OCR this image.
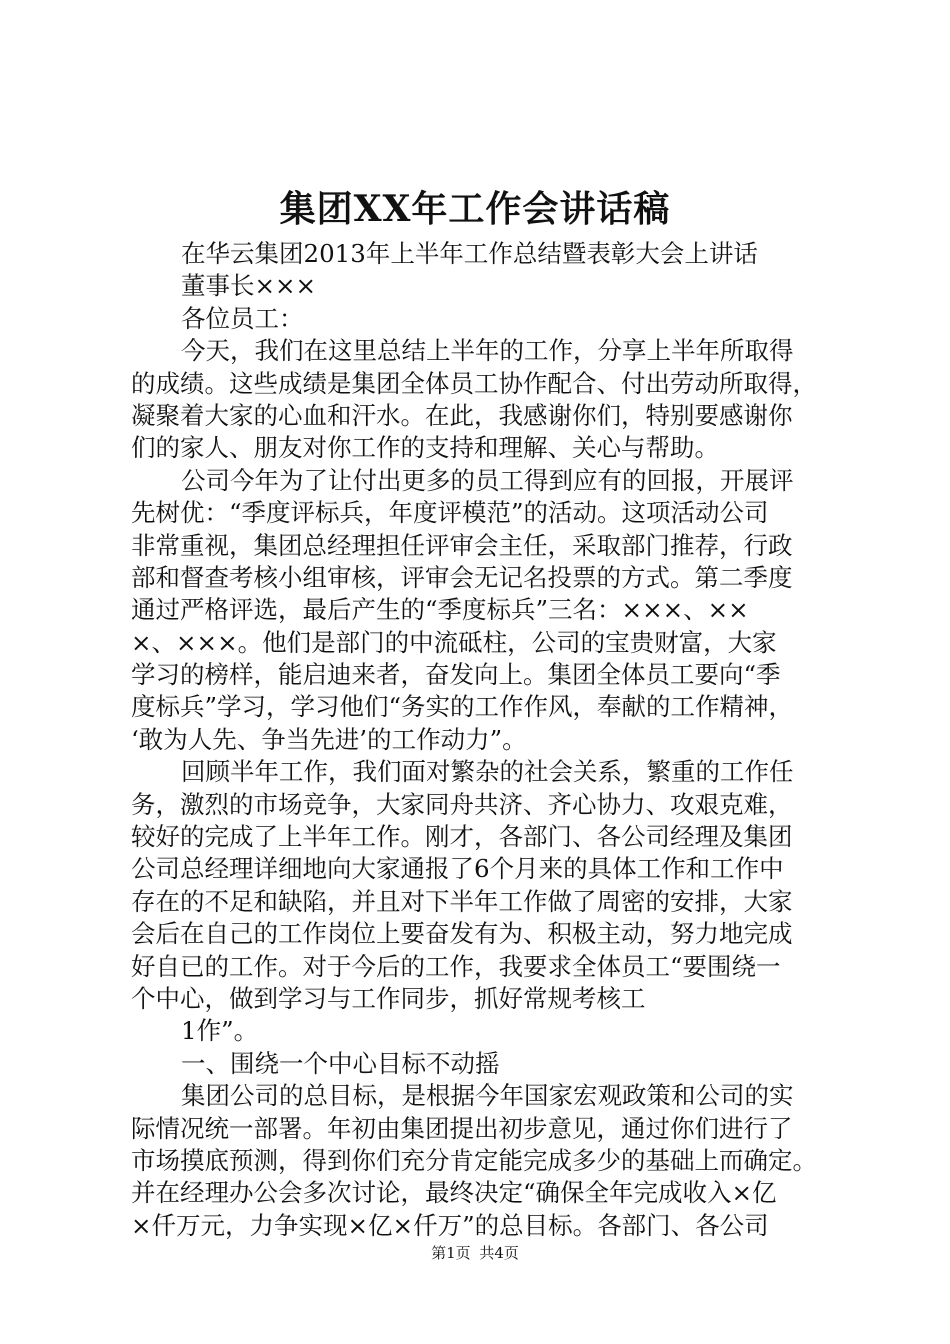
集团XX年工作会讲话稿
在华云集团2013年上半年工作总结暨表彰大会上讲话
董事长×××
各位员工：
今天，我们在这里总结上半年的工作，分享上半年所取得
的成绩。这些成绩是集团全体员工协作配合、付出劳动所取得，
凝聚着大家的心血和汗水。在此，我感谢你们，特别要感谢你
们的家人、朋友对你工作的支持和理解、关心与帮助。
公司今年为了让付出更多的员工得到应有的回报，开展评
先树优：“季度评标兵，年度评模范”的活动。这项活动公司
非常重视，集团总经理担任评审会主任，采取部门推荐，行政
部和督查考核小组审核，评审会无记名投票的方式。第二季度
通过严格评选，最后产生的“季度标兵”三名：×××、××
×、×××。他们是部门的中流砥柱，公司的宝贵财富，大家
学习的榜样，能启迪来者，奋发向上。集团全体员工要向“季
度标兵”学习，学习他们“务实的工作作风，奉献的工作精神，
‘敢为人先、争当先进’的工作动力”。
回顾半年工作，我们面对繁杂的社会关系，繁重的工作任
务，激烈的市场竞争，大家同舟共济、齐心协力、攻艰克难，
较好的完成了上半年工作。刚才，各部门、各公司经理及集团
公司总经理详细地向大家通报了6个月来的具体工作和工作中
存在的不足和缺陷，并且对下半年工作做了周密的安排，大家
会后在自己的工作岗位上要奋发有为、积极主动，努力地完成
好自已的工作。对于今后的工作，我要求全体员工“要围绕一
个中心，做到学习与工作同步，抓好常规考核工
1作”。
一、围绕一个中心目标不动摇
集团公司的总目标，是根据今年国家宏观政策和公司的实
际情况统一部署。年初由集团提出初步意见，通过你们进行了
市场摸底预测，得到你们充分肯定能完成多少的基础上而确定。
并在经理办公会多次讨论，最终决定“确保全年完成收入×亿
×仟万元，力争实现×亿×仟万”的总目标。各部门、各公司
第1页 共4页
